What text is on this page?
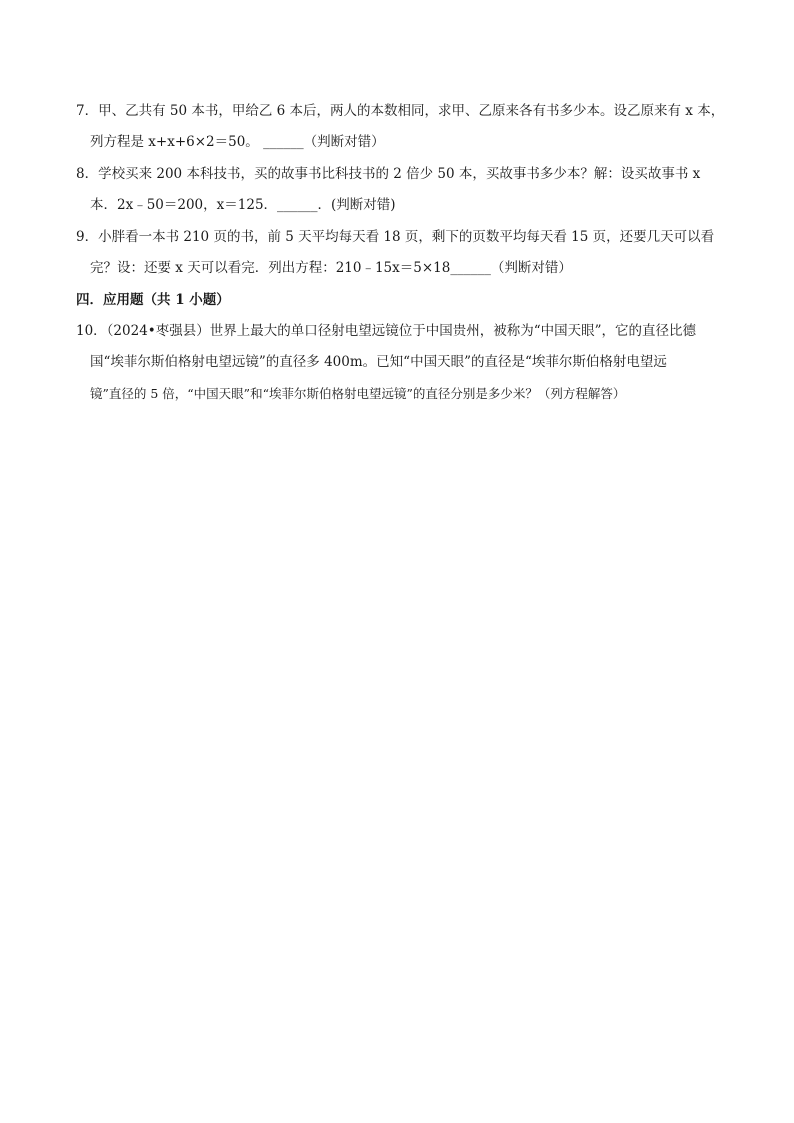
7．甲、乙共有 50 本书，甲给乙 6 本后，两人的本数相同，求甲、乙原来各有书多少本。设乙原来有 x 本，
列方程是 x+x+6×2＝50。 ______（判断对错）
8．学校买来 200 本科技书，买的故事书比科技书的 2 倍少 50 本，买故事书多少本？解：设买故事书 x
本．2x﹣50＝200，x＝125．______．(判断对错)
9．小胖看一本书 210 页的书，前 5 天平均每天看 18 页，剩下的页数平均每天看 15 页，还要几天可以看
完？设：还要 x 天可以看完．列出方程：210﹣15x＝5×18______（判断对错）
四．应用题（共 1 小题）
10．（2024•枣强县）世界上最大的单口径射电望远镜位于中国贵州，被称为“中国天眼”，它的直径比德
国“埃菲尔斯伯格射电望远镜”的直径多 400m。已知“中国天眼”的直径是“埃菲尔斯伯格射电望远
镜”直径的 5 倍，“中国天眼”和“埃菲尔斯伯格射电望远镜”的直径分别是多少米？（列方程解答）
